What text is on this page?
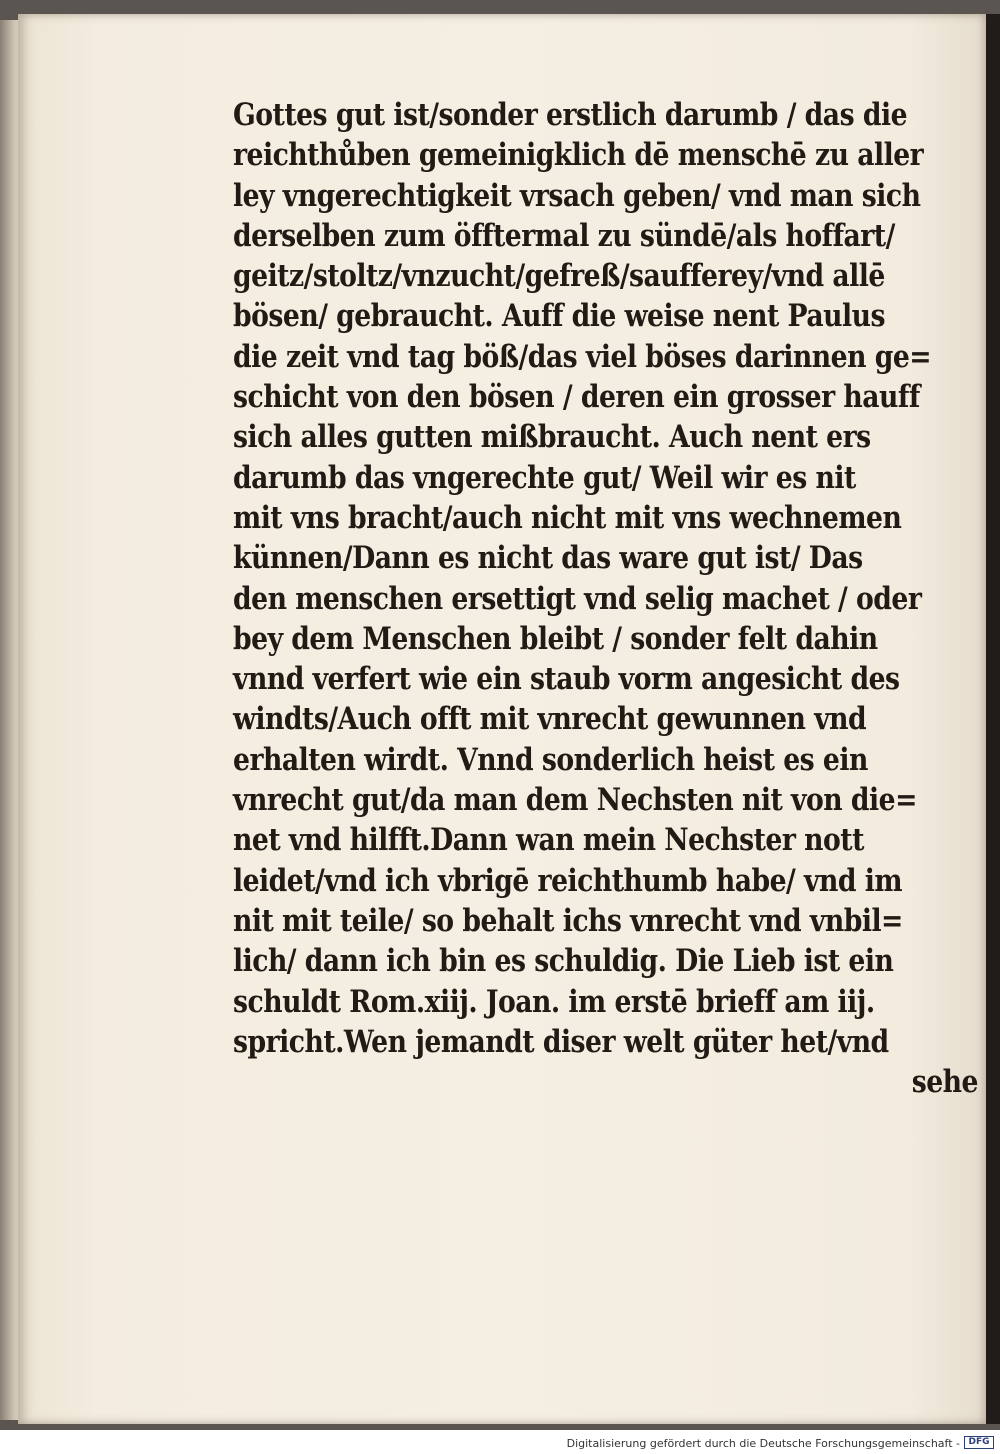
Gottes gut ist/sonder erstlich darumb / das die
reichthůben gemeinigklich dē menschē zu aller
ley vngerechtigkeit vrsach geben/ vnd man sich
derselben zum öfftermal zu sündē/als hoffart/
geitz/stoltz/vnzucht/gefreß/saufferey/vnd allē
bösen/ gebraucht. Auff die weise nent Paulus
die zeit vnd tag böß/das viel böses darinnen ge=
schicht von den bösen / deren ein grosser hauff
sich alles gutten mißbraucht. Auch nent ers
darumb das vngerechte gut/ Weil wir es nit
mit vns bracht/auch nicht mit vns wechnemen
künnen/Dann es nicht das ware gut ist/ Das
den menschen ersettigt vnd selig machet / oder
bey dem Menschen bleibt / sonder felt dahin
vnnd verfert wie ein staub vorm angesicht des
windts/Auch offt mit vnrecht gewunnen vnd
erhalten wirdt. Vnnd sonderlich heist es ein
vnrecht gut/da man dem Nechsten nit von die=
net vnd hilfft.Dann wan mein Nechster nott
leidet/vnd ich vbrigē reichthumb habe/ vnd im
nit mit teile/ so behalt ichs vnrecht vnd vnbil=
lich/ dann ich bin es schuldig. Die Lieb ist ein
schuldt Rom.xiij. Joan. im erstē brieff am iij.
spricht.Wen jemandt diser welt güter het/vnd
sehe

Digitalisierung gefördert durch die Deutsche Forschungsgemeinschaft - DFG
